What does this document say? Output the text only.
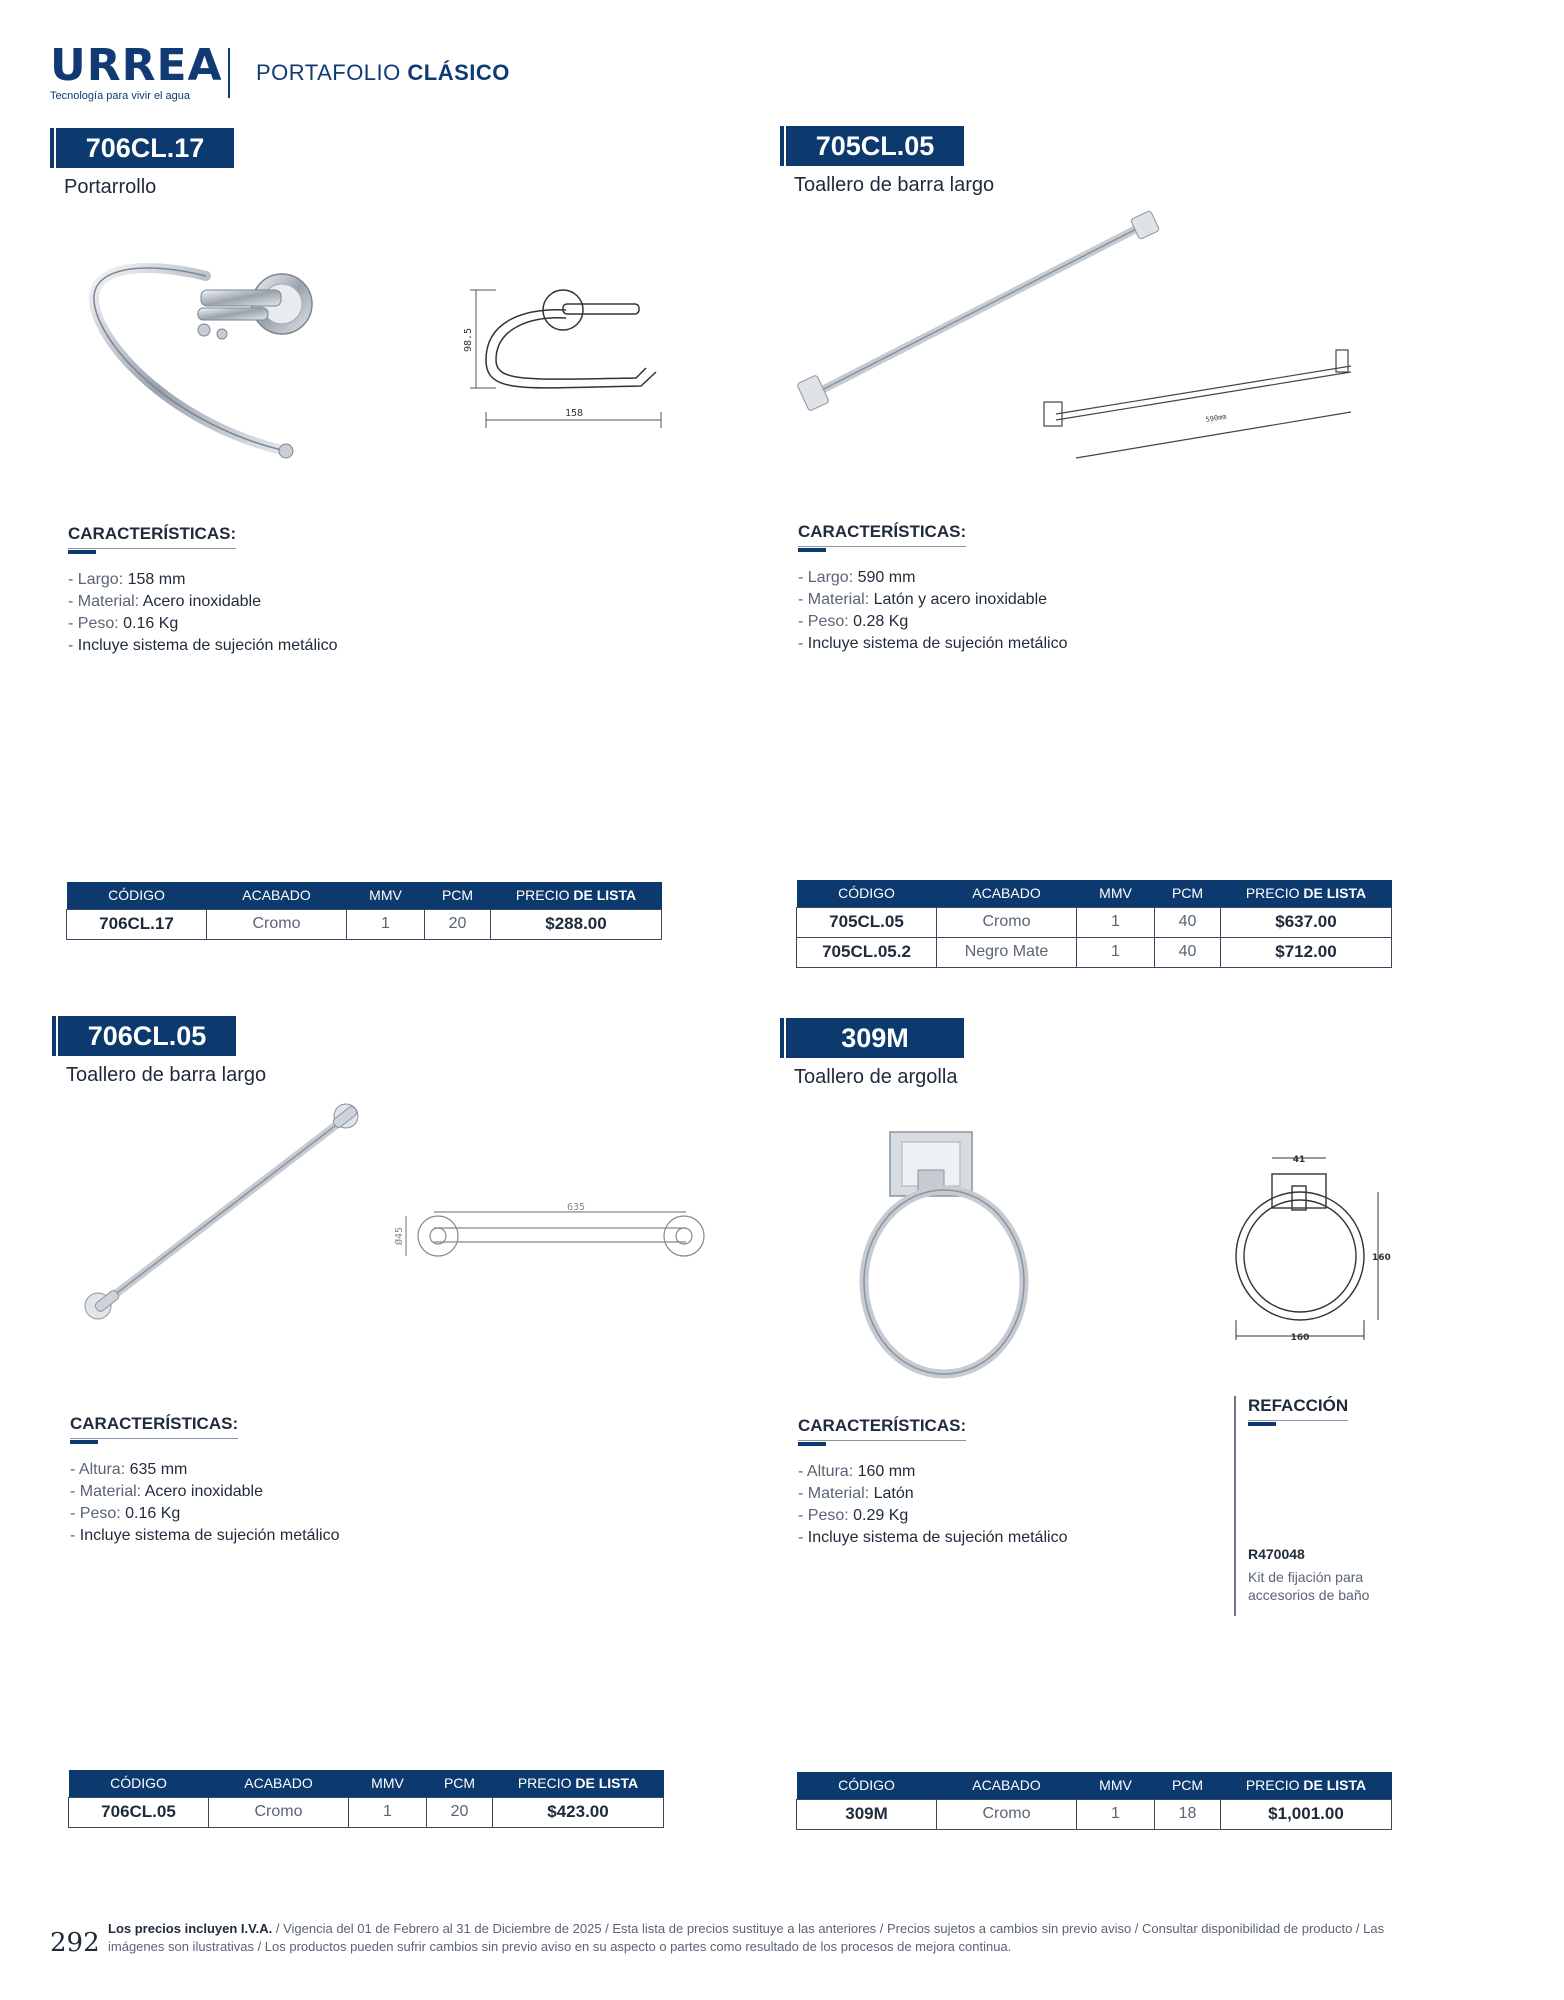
URREA
Tecnología para vivir el agua
PORTAFOLIO CLÁSICO
706CL.17
Portarrollo
158
98.5
CARACTERÍSTICAS:
- Largo: 158 mm
- Material: Acero inoxidable
- Peso: 0.16 Kg
- Incluye sistema de sujeción metálico
CÓDIGO	ACABADO	MMV	PCM	PRECIO DE LISTA
706CL.17	Cromo	1	20	$288.00
705CL.05
Toallero de barra largo
590mm
CARACTERÍSTICAS:
- Largo: 590 mm
- Material: Latón y acero inoxidable
- Peso: 0.28 Kg
- Incluye sistema de sujeción metálico
CÓDIGO	ACABADO	MMV	PCM	PRECIO DE LISTA
705CL.05	Cromo	1	40	$637.00
705CL.05.2	Negro Mate	1	40	$712.00
706CL.05
Toallero de barra largo
635
Ø45
CARACTERÍSTICAS:
- Altura: 635 mm
- Material: Acero inoxidable
- Peso: 0.16 Kg
- Incluye sistema de sujeción metálico
CÓDIGO	ACABADO	MMV	PCM	PRECIO DE LISTA
706CL.05	Cromo	1	20	$423.00
309M
Toallero de argolla
41
160
160
CARACTERÍSTICAS:
- Altura: 160 mm
- Material: Latón
- Peso: 0.29 Kg
- Incluye sistema de sujeción metálico
CÓDIGO	ACABADO	MMV	PCM	PRECIO DE LISTA
309M	Cromo	1	18	$1,001.00
REFACCIÓN
R470048
Kit de fijación para accesorios de baño
292 Los precios incluyen I.V.A. / Vigencia del 01 de Febrero al 31 de Diciembre de 2025 / Esta lista de precios sustituye a las anteriores / Precios sujetos a cambios sin previo aviso / Consultar disponibilidad de producto / Las imágenes son ilustrativas / Los productos pueden sufrir cambios sin previo aviso en su aspecto o partes como resultado de los procesos de mejora continua.
